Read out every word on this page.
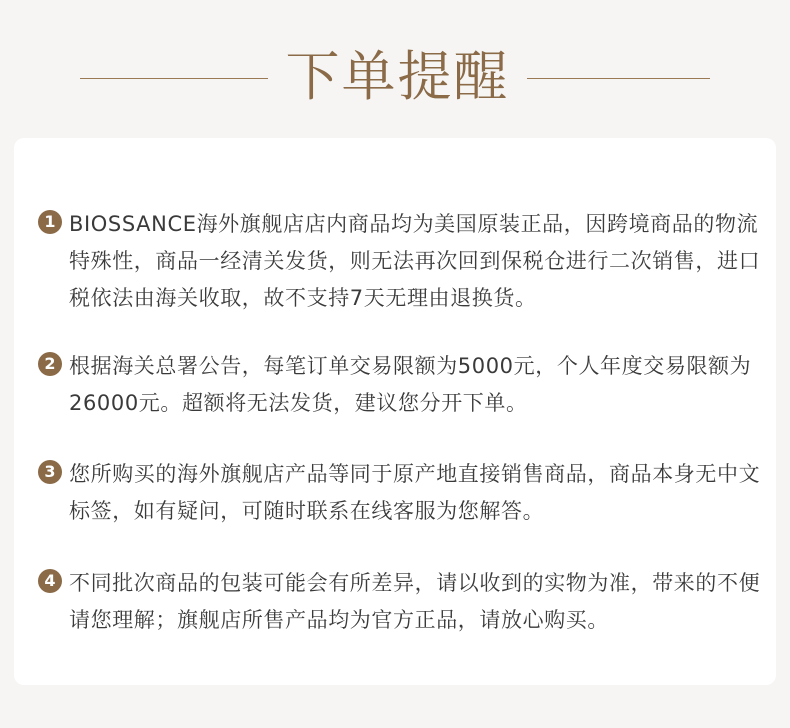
下单提醒
1 BIOSSANCE海外旗舰店店内商品均为美国原装正品，因跨境商品的物流特殊性，商品一经清关发货，则无法再次回到保税仓进行二次销售，进口税依法由海关收取，故不支持7天无理由退换货。
2 根据海关总署公告，每笔订单交易限额为5000元，个人年度交易限额为26000元。超额将无法发货，建议您分开下单。
3 您所购买的海外旗舰店产品等同于原产地直接销售商品，商品本身无中文标签，如有疑问，可随时联系在线客服为您解答。
4 不同批次商品的包装可能会有所差异，请以收到的实物为准，带来的不便请您理解；旗舰店所售产品均为官方正品，请放心购买。
